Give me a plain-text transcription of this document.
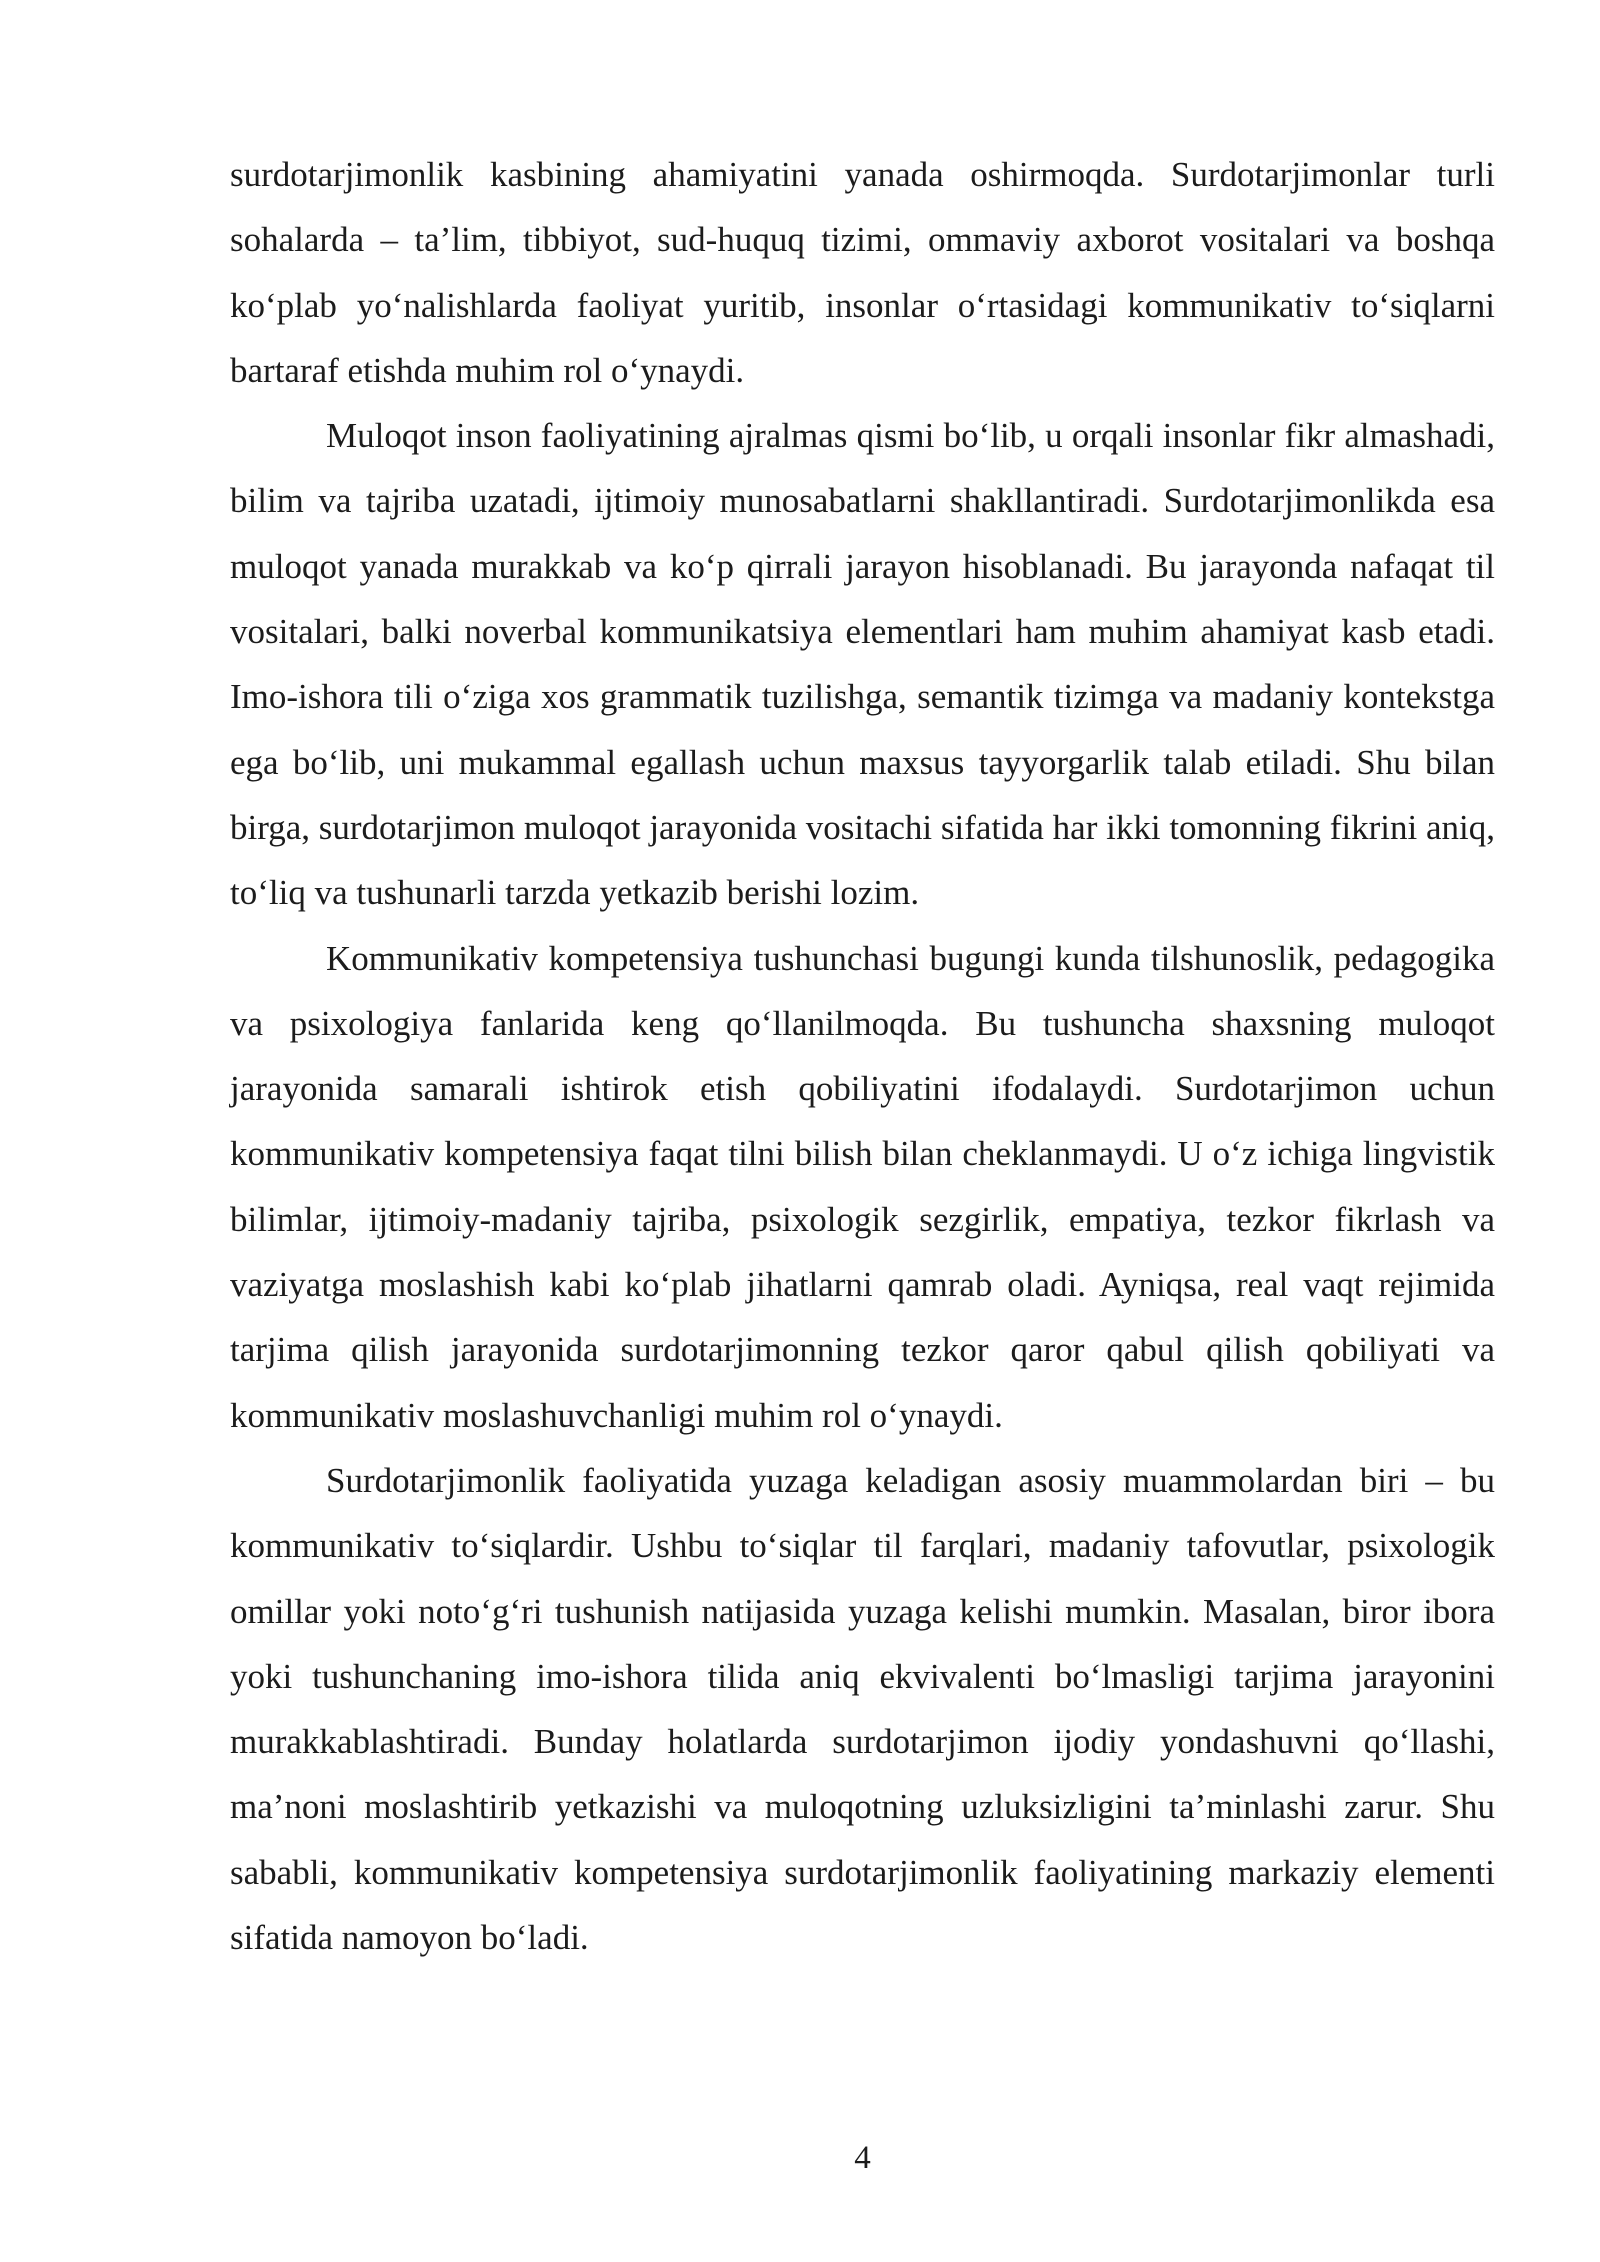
surdotarjimonlik kasbining ahamiyatini yanada oshirmoqda. Surdotarjimonlar turli sohalarda – ta’lim, tibbiyot, sud-huquq tizimi, ommaviy axborot vositalari va boshqa ko‘plab yo‘nalishlarda faoliyat yuritib, insonlar o‘rtasidagi kommunikativ to‘siqlarni bartaraf etishda muhim rol o‘ynaydi.

Muloqot inson faoliyatining ajralmas qismi bo‘lib, u orqali insonlar fikr almashadi, bilim va tajriba uzatadi, ijtimoiy munosabatlarni shakllantiradi. Surdotarjimonlikda esa muloqot yanada murakkab va ko‘p qirrali jarayon hisoblanadi. Bu jarayonda nafaqat til vositalari, balki noverbal kommunikatsiya elementlari ham muhim ahamiyat kasb etadi. Imo-ishora tili o‘ziga xos grammatik tuzilishga, semantik tizimga va madaniy kontekstga ega bo‘lib, uni mukammal egallash uchun maxsus tayyorgarlik talab etiladi. Shu bilan birga, surdotarjimon muloqot jarayonida vositachi sifatida har ikki tomonning fikrini aniq, to‘liq va tushunarli tarzda yetkazib berishi lozim.

Kommunikativ kompetensiya tushunchasi bugungi kunda tilshunoslik, pedagogika va psixologiya fanlarida keng qo‘llanilmoqda. Bu tushuncha shaxsning muloqot jarayonida samarali ishtirok etish qobiliyatini ifodalaydi. Surdotarjimon uchun kommunikativ kompetensiya faqat tilni bilish bilan cheklanmaydi. U o‘z ichiga lingvistik bilimlar, ijtimoiy-madaniy tajriba, psixologik sezgirlik, empatiya, tezkor fikrlash va vaziyatga moslashish kabi ko‘plab jihatlarni qamrab oladi. Ayniqsa, real vaqt rejimida tarjima qilish jarayonida surdotarjimonning tezkor qaror qabul qilish qobiliyati va kommunikativ moslashuvchanligi muhim rol o‘ynaydi.

Surdotarjimonlik faoliyatida yuzaga keladigan asosiy muammolardan biri – bu kommunikativ to‘siqlardir. Ushbu to‘siqlar til farqlari, madaniy tafovutlar, psixologik omillar yoki noto‘g‘ri tushunish natijasida yuzaga kelishi mumkin. Masalan, biror ibora yoki tushunchaning imo-ishora tilida aniq ekvivalenti bo‘lmasligi tarjima jarayonini murakkablashtiradi. Bunday holatlarda surdotarjimon ijodiy yondashuvni qo‘llashi, ma’noni moslashtirib yetkazishi va muloqotning uzluksizligini ta’minlashi zarur. Shu sababli, kommunikativ kompetensiya surdotarjimonlik faoliyatining markaziy elementi sifatida namoyon bo‘ladi.

4
